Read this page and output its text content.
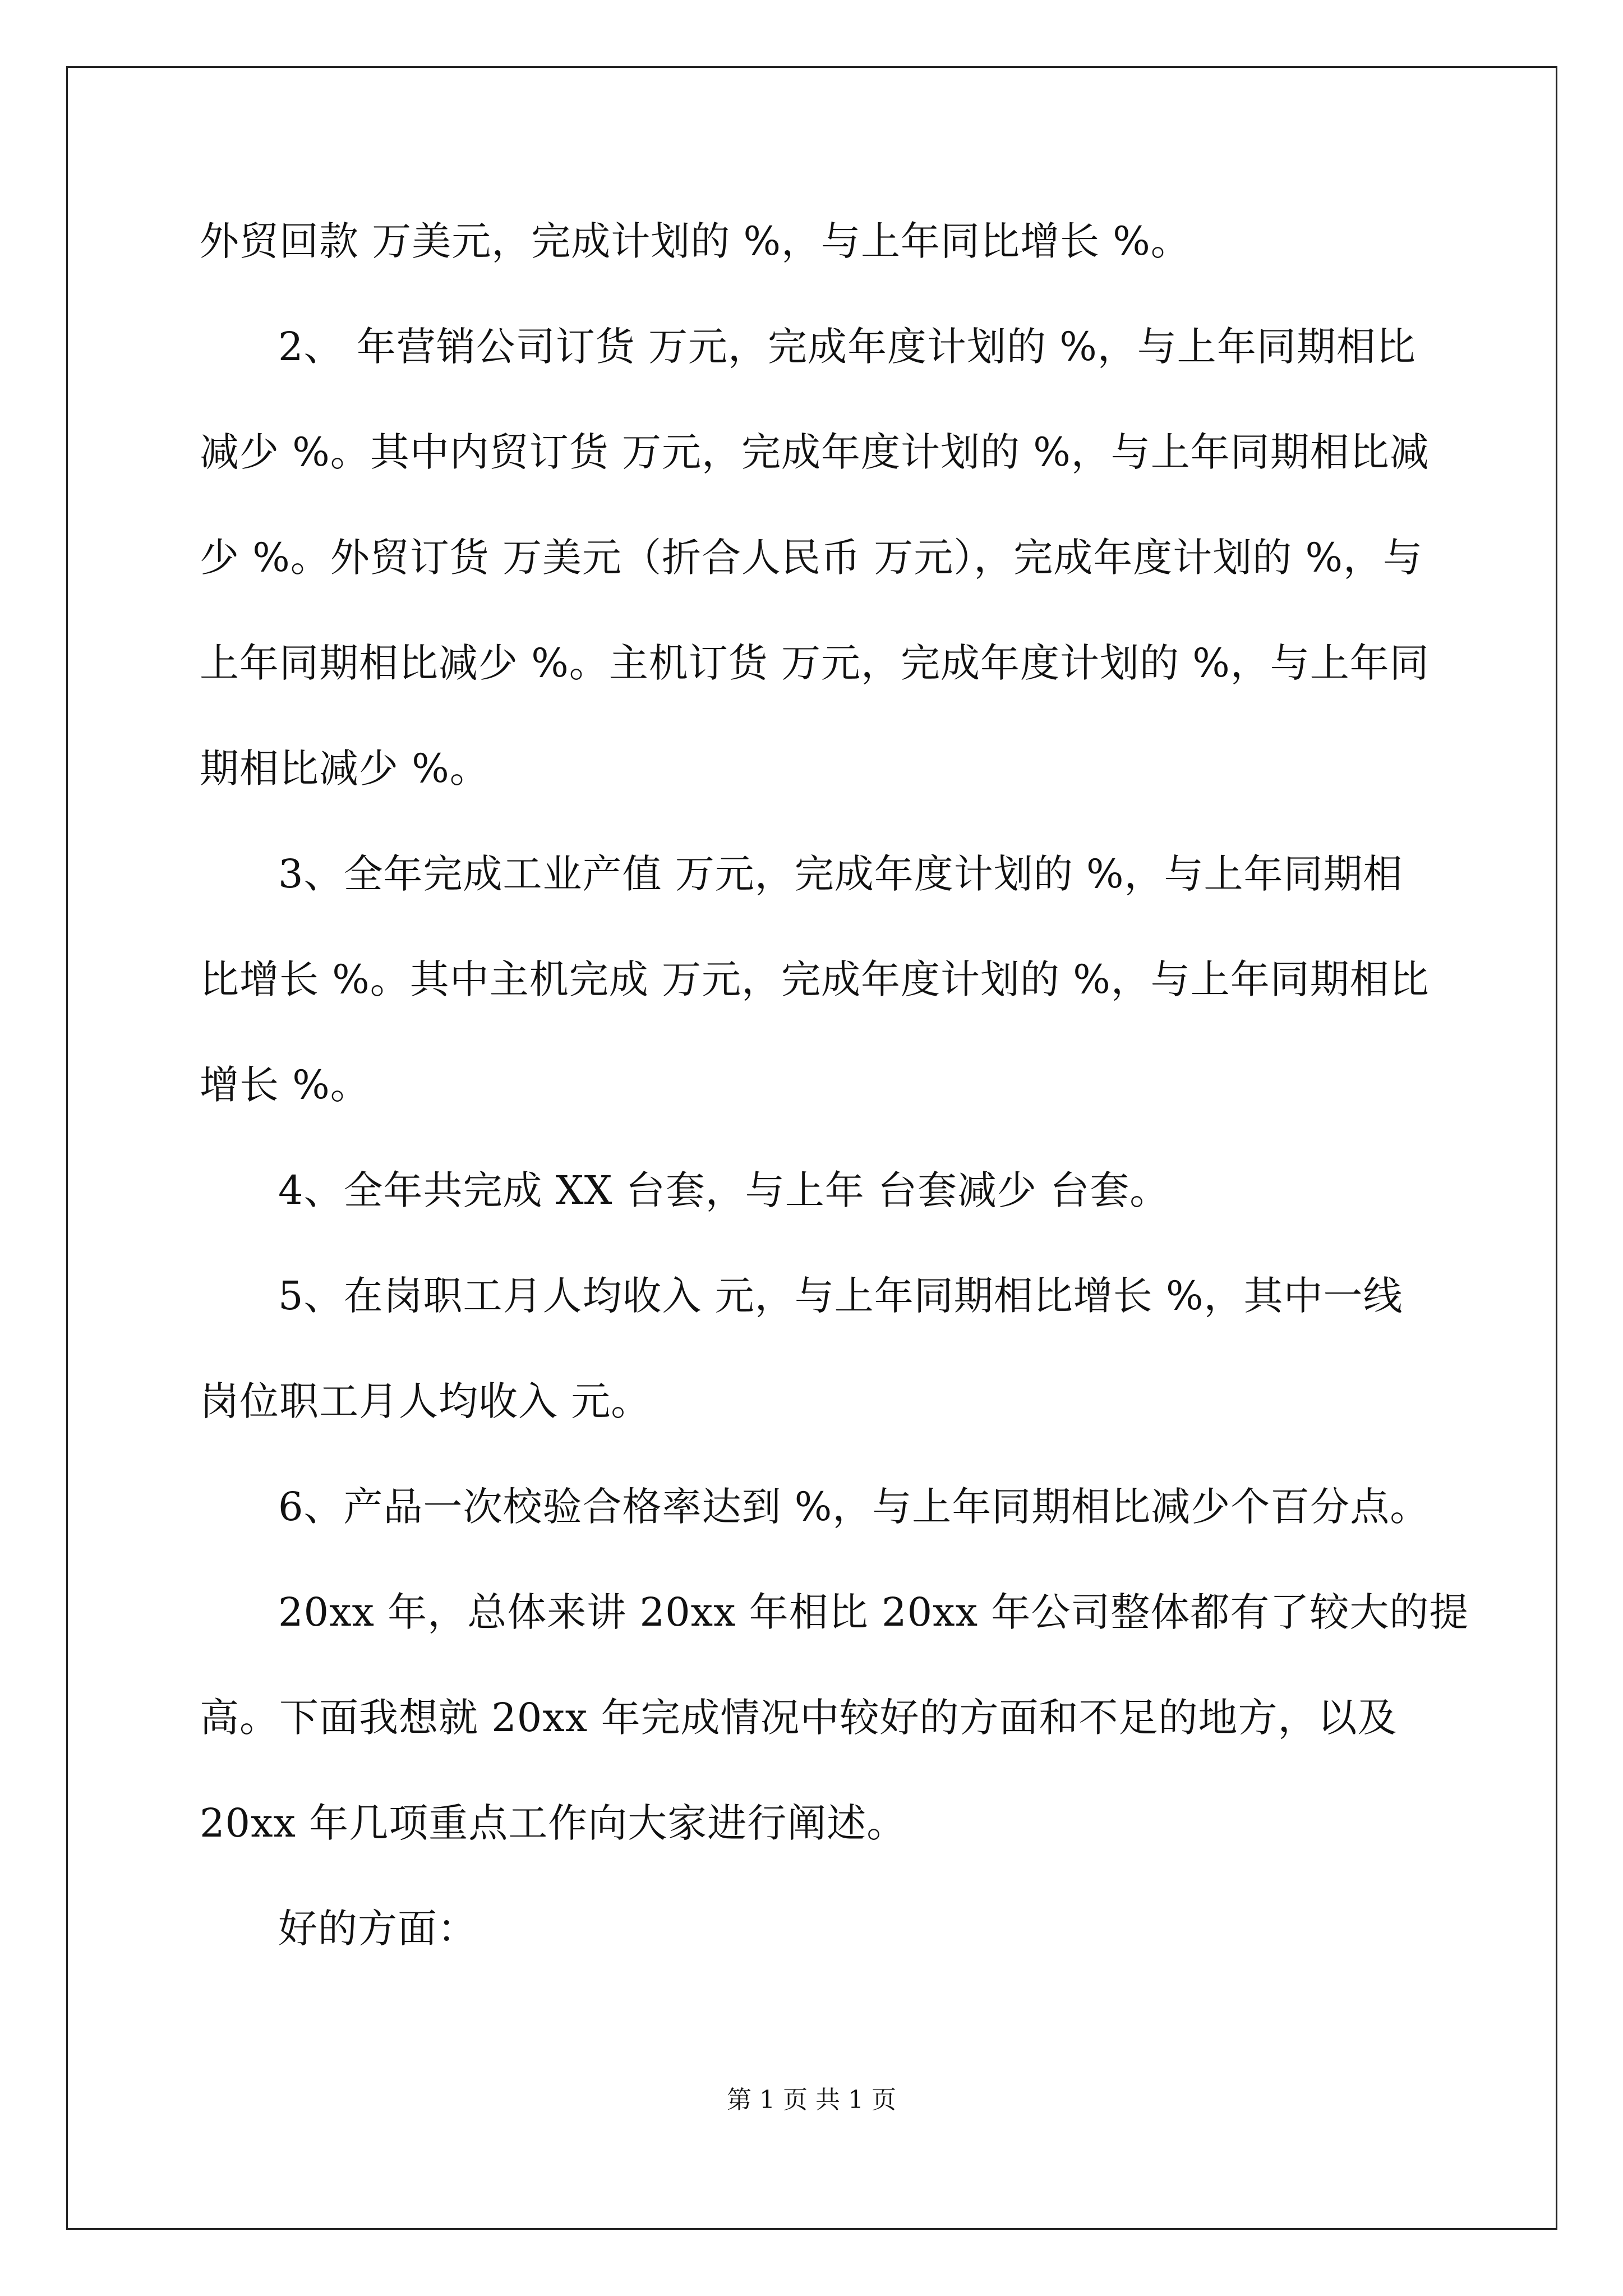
外贸回款 万美元，完成计划的 %，与上年同比增长 %。
2、 年营销公司订货 万元，完成年度计划的 %，与上年同期相比
减少 %。其中内贸订货 万元，完成年度计划的 %，与上年同期相比减
少 %。外贸订货 万美元（折合人民币 万元），完成年度计划的 %，与
上年同期相比减少 %。主机订货 万元，完成年度计划的 %，与上年同
期相比减少 %。
3、全年完成工业产值 万元，完成年度计划的 %，与上年同期相
比增长 %。其中主机完成 万元，完成年度计划的 %，与上年同期相比
增长 %。
4、全年共完成 XX 台套，与上年 台套减少 台套。
5、在岗职工月人均收入 元，与上年同期相比增长 %，其中一线
岗位职工月人均收入 元。
6、产品一次校验合格率达到 %，与上年同期相比减少个百分点。
20xx 年，总体来讲 20xx 年相比 20xx 年公司整体都有了较大的提
高。下面我想就 20xx 年完成情况中较好的方面和不足的地方，以及
20xx 年几项重点工作向大家进行阐述。
好的方面：
第 1 页 共 1 页
